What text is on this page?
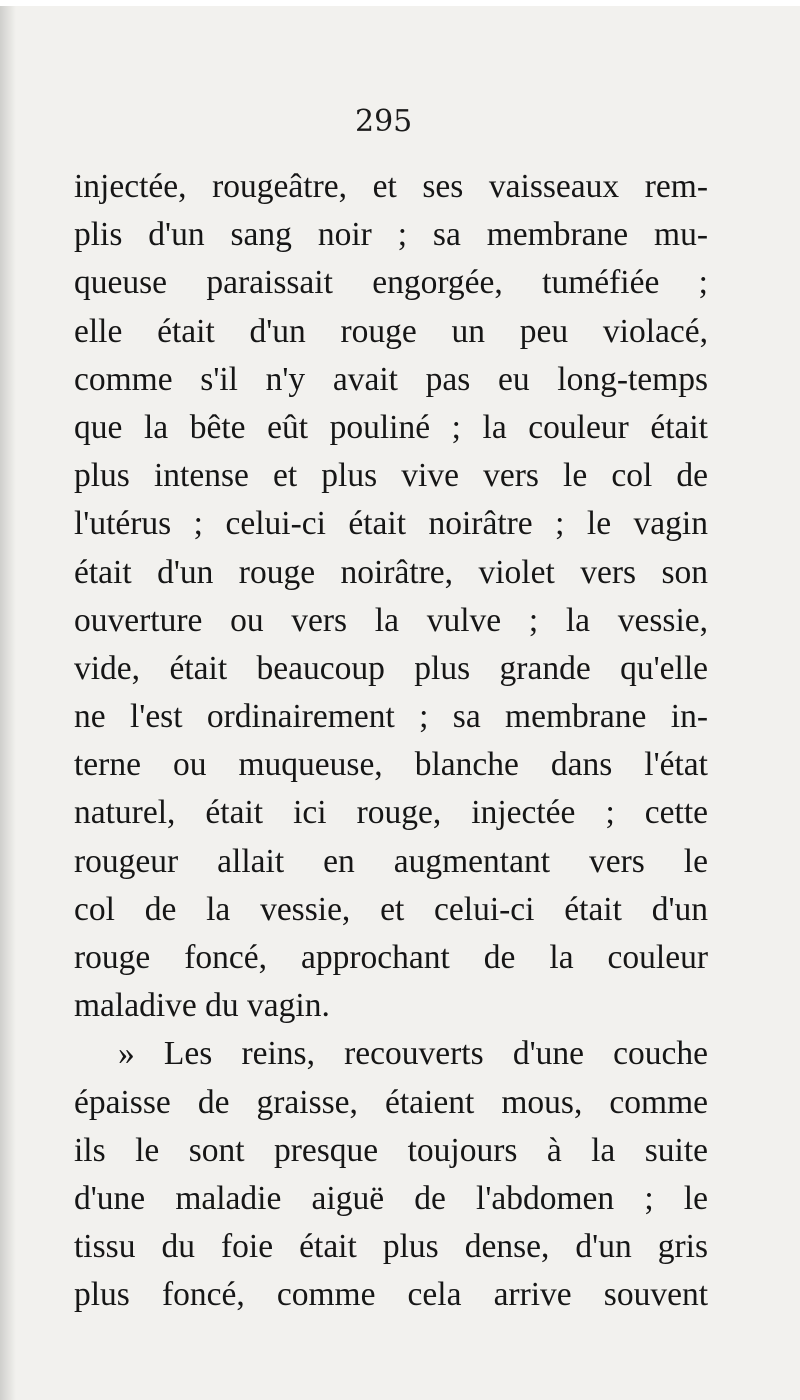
295
injectée, rougeâtre, et ses vaisseaux rem-
plis d'un sang noir ; sa membrane mu-
queuse paraissait engorgée, tuméfiée ;
elle était d'un rouge un peu violacé,
comme s'il n'y avait pas eu long-temps
que la bête eût pouliné ; la couleur était
plus intense et plus vive vers le col de
l'utérus ; celui-ci était noirâtre ; le vagin
était d'un rouge noirâtre, violet vers son
ouverture ou vers la vulve ; la vessie,
vide, était beaucoup plus grande qu'elle
ne l'est ordinairement ; sa membrane in-
terne ou muqueuse, blanche dans l'état
naturel, était ici rouge, injectée ; cette
rougeur allait en augmentant vers le
col de la vessie, et celui-ci était d'un
rouge foncé, approchant de la couleur
maladive du vagin.
» Les reins, recouverts d'une couche
épaisse de graisse, étaient mous, comme
ils le sont presque toujours à la suite
d'une maladie aiguë de l'abdomen ; le
tissu du foie était plus dense, d'un gris
plus foncé, comme cela arrive souvent
